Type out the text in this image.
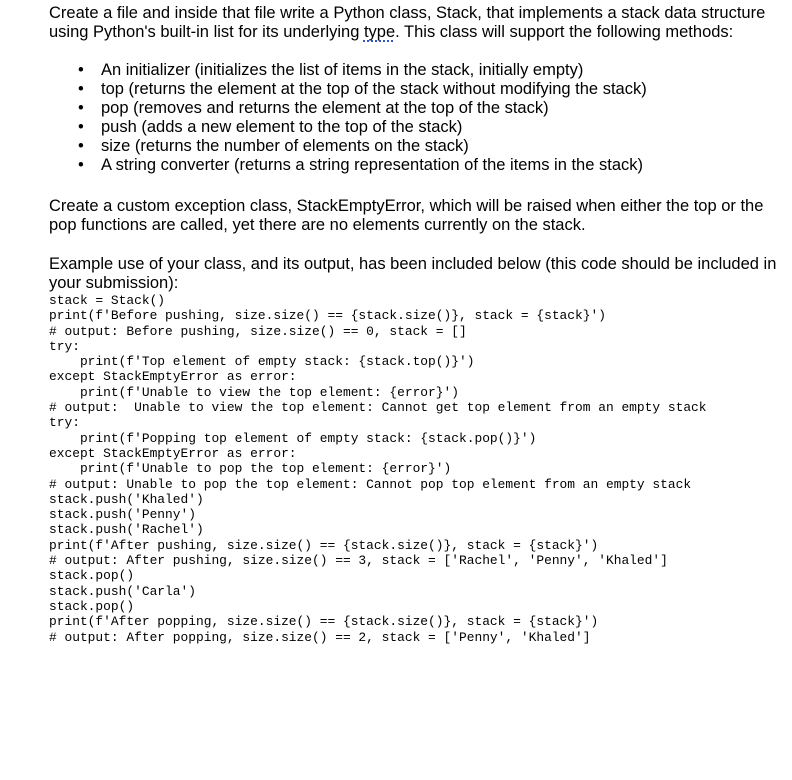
Create a file and inside that file write a Python class, Stack, that implements a stack data structure using Python's built-in list for its underlying type. This class will support the following methods:

• An initializer (initializes the list of items in the stack, initially empty)
• top (returns the element at the top of the stack without modifying the stack)
• pop (removes and returns the element at the top of the stack)
• push (adds a new element to the top of the stack)
• size (returns the number of elements on the stack)
• A string converter (returns a string representation of the items in the stack)

Create a custom exception class, StackEmptyError, which will be raised when either the top or the pop functions are called, yet there are no elements currently on the stack.

Example use of your class, and its output, has been included below (this code should be included in your submission):

stack = Stack()
print(f'Before pushing, size.size() == {stack.size()}, stack = {stack}')
# output: Before pushing, size.size() == 0, stack = []
try:
print(f'Top element of empty stack: {stack.top()}')
except StackEmptyError as error:
print(f'Unable to view the top element: {error}')
# output:  Unable to view the top element: Cannot get top element from an empty stack
try:
print(f'Popping top element of empty stack: {stack.pop()}')
except StackEmptyError as error:
print(f'Unable to pop the top element: {error}')
# output: Unable to pop the top element: Cannot pop top element from an empty stack
stack.push('Khaled')
stack.push('Penny')
stack.push('Rachel')
print(f'After pushing, size.size() == {stack.size()}, stack = {stack}')
# output: After pushing, size.size() == 3, stack = ['Rachel', 'Penny', 'Khaled']
stack.pop()
stack.push('Carla')
stack.pop()
print(f'After popping, size.size() == {stack.size()}, stack = {stack}')
# output: After popping, size.size() == 2, stack = ['Penny', 'Khaled']
